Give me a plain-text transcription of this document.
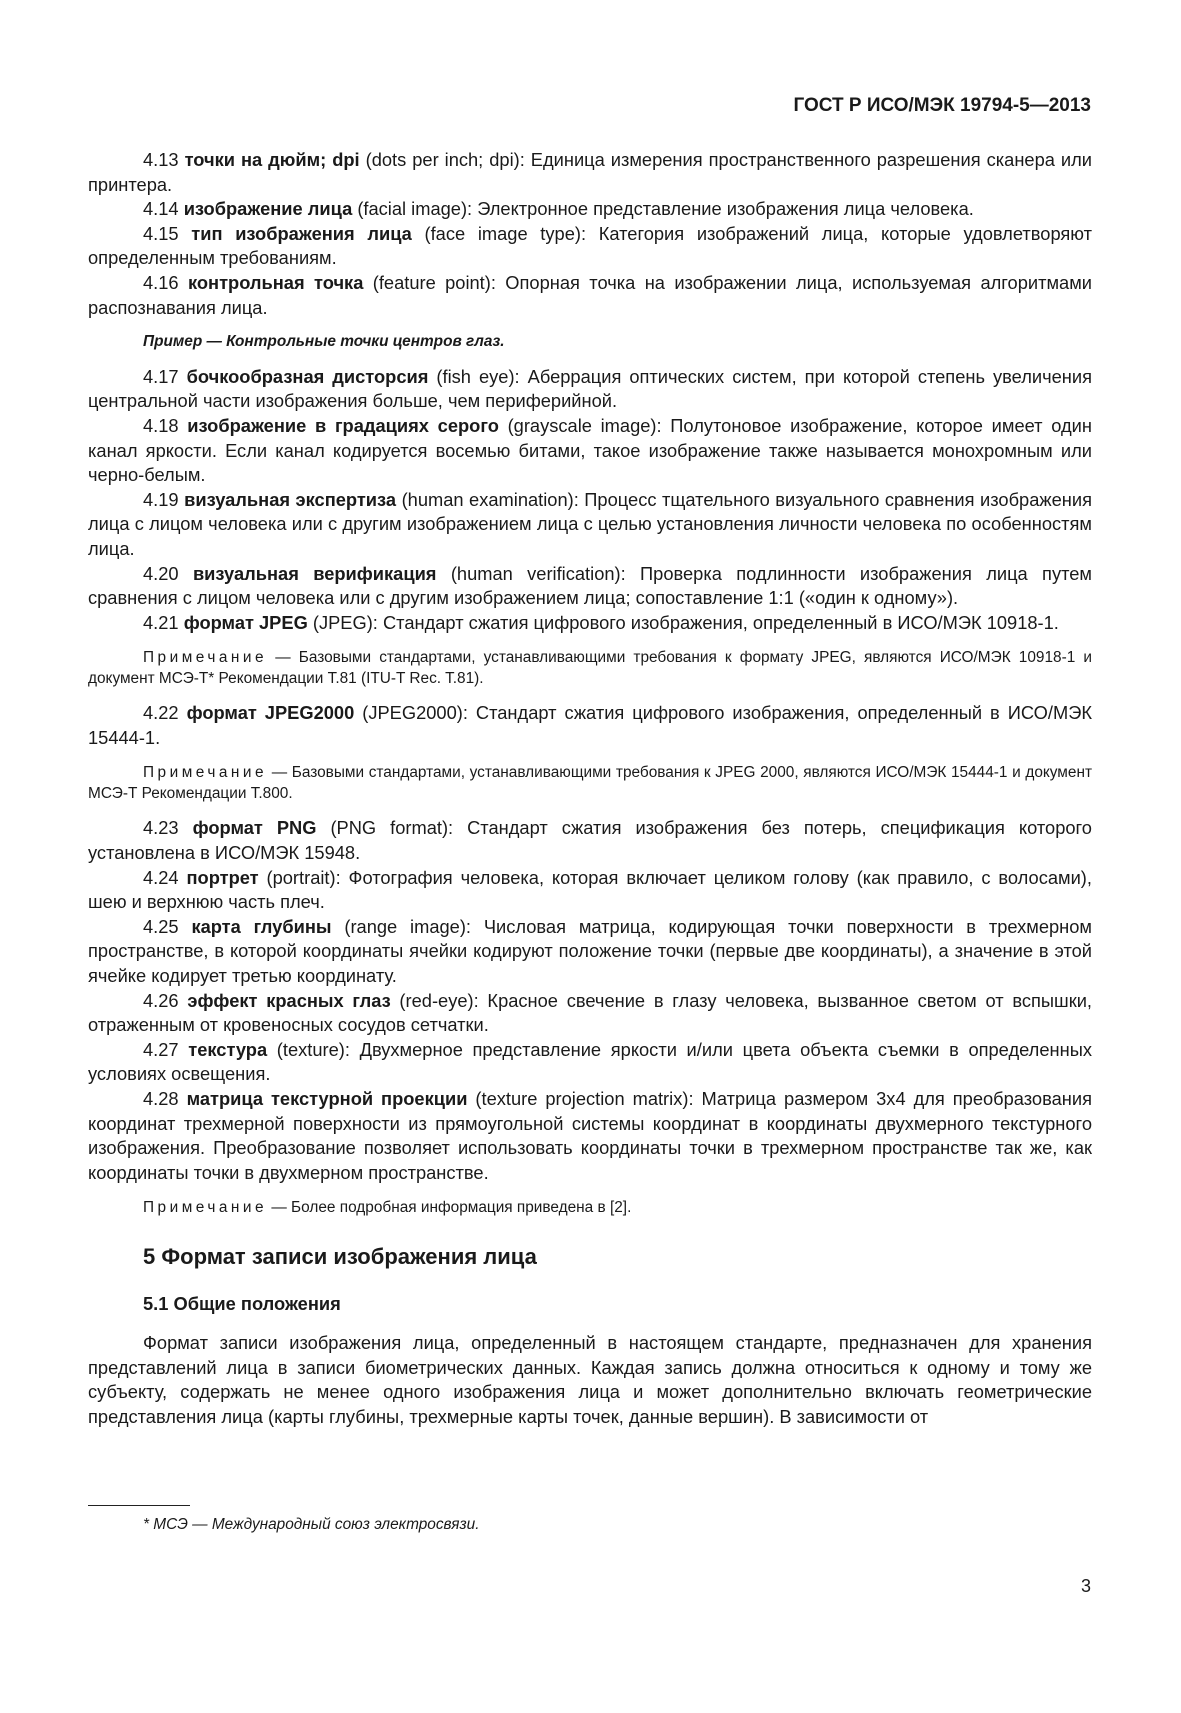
ГОСТ Р ИСО/МЭК 19794-5—2013

4.13 точки на дюйм; dpi (dots per inch; dpi): Единица измерения пространственного разрешения сканера или принтера.

4.14 изображение лица (facial image): Электронное представление изображения лица человека.

4.15 тип изображения лица (face image type): Категория изображений лица, которые удовлетворяют определенным требованиям.

4.16 контрольная точка (feature point): Опорная точка на изображении лица, используемая алгоритмами распознавания лица.

Пример — Контрольные точки центров глаз.

4.17 бочкообразная дисторсия (fish eye): Аберрация оптических систем, при которой степень увеличения центральной части изображения больше, чем периферийной.

4.18 изображение в градациях серого (grayscale image): Полутоновое изображение, которое имеет один канал яркости. Если канал кодируется восемью битами, такое изображение также называется монохромным или черно-белым.

4.19 визуальная экспертиза (human examination): Процесс тщательного визуального сравнения изображения лица с лицом человека или с другим изображением лица с целью установления личности человека по особенностям лица.

4.20 визуальная верификация (human verification): Проверка подлинности изображения лица путем сравнения с лицом человека или с другим изображением лица; сопоставление 1:1 («один к одному»).

4.21 формат JPEG (JPEG): Стандарт сжатия цифрового изображения, определенный в ИСО/МЭК 10918-1.

Примечание — Базовыми стандартами, устанавливающими требования к формату JPEG, являются ИСО/МЭК 10918-1 и документ МСЭ-Т* Рекомендации Т.81 (ITU-T Rec. T.81).

4.22 формат JPEG2000 (JPEG2000): Стандарт сжатия цифрового изображения, определенный в ИСО/МЭК 15444-1.

Примечание — Базовыми стандартами, устанавливающими требования к JPEG 2000, являются ИСО/МЭК 15444-1 и документ МСЭ-Т Рекомендации Т.800.

4.23 формат PNG (PNG format): Стандарт сжатия изображения без потерь, спецификация которого установлена в ИСО/МЭК 15948.

4.24 портрет (portrait): Фотография человека, которая включает целиком голову (как правило, с волосами), шею и верхнюю часть плеч.

4.25 карта глубины (range image): Числовая матрица, кодирующая точки поверхности в трехмерном пространстве, в которой координаты ячейки кодируют положение точки (первые две координаты), а значение в этой ячейке кодирует третью координату.

4.26 эффект красных глаз (red-eye): Красное свечение в глазу человека, вызванное светом от вспышки, отраженным от кровеносных сосудов сетчатки.

4.27 текстура (texture): Двухмерное представление яркости и/или цвета объекта съемки в определенных условиях освещения.

4.28 матрица текстурной проекции (texture projection matrix): Матрица размером 3х4 для преобразования координат трехмерной поверхности из прямоугольной системы координат в координаты двухмерного текстурного изображения. Преобразование позволяет использовать координаты точки в трехмерном пространстве так же, как координаты точки в двухмерном пространстве.

Примечание — Более подробная информация приведена в [2].

5 Формат записи изображения лица
5.1 Общие положения

Формат записи изображения лица, определенный в настоящем стандарте, предназначен для хранения представлений лица в записи биометрических данных. Каждая запись должна относиться к одному и тому же субъекту, содержать не менее одного изображения лица и может дополнительно включать геометрические представления лица (карты глубины, трехмерные карты точек, данные вершин). В зависимости от

* МСЭ — Международный союз электросвязи.
3
